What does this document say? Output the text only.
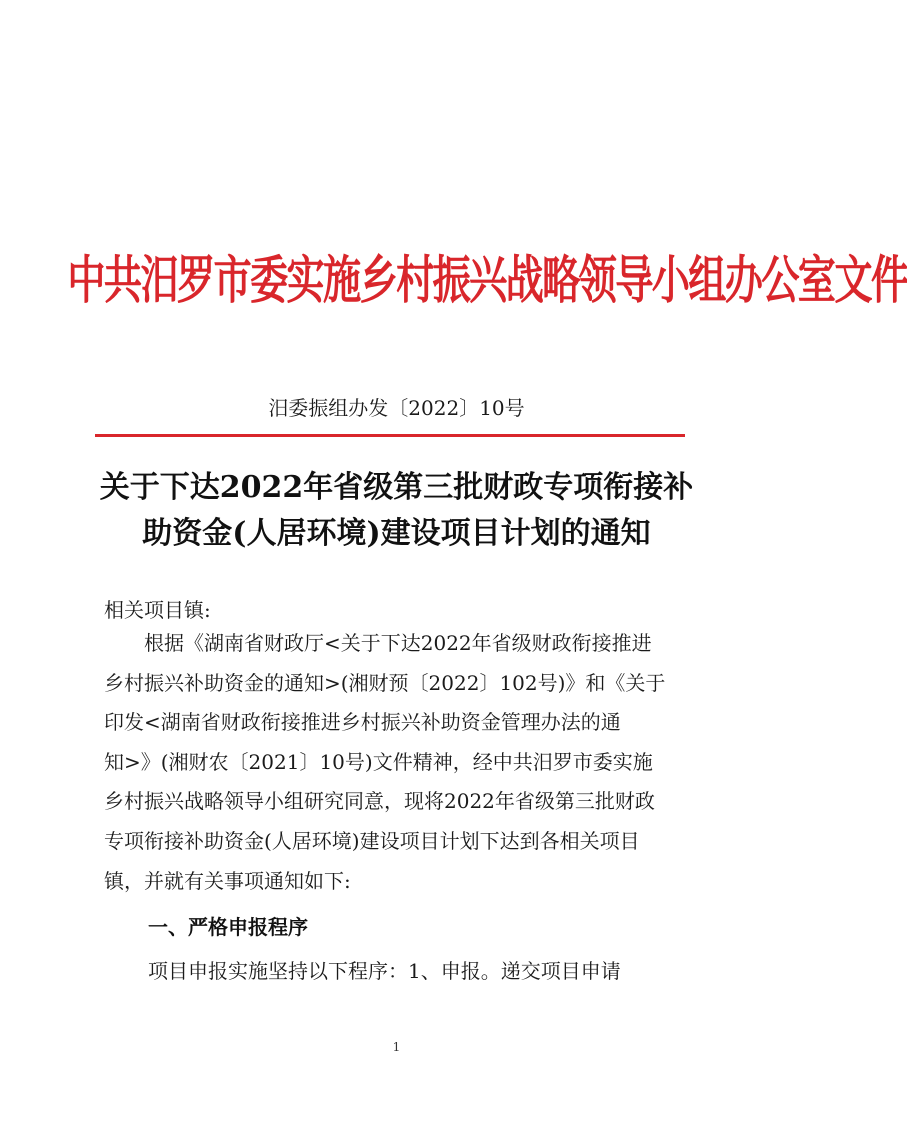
中共汨罗市委实施乡村振兴战略领导小组办公室文件
汨委振组办发〔2022〕10号
关于下达2022年省级第三批财政专项衔接补
助资金(人居环境)建设项目计划的通知
相关项目镇:
　　根据《湖南省财政厅<关于下达2022年省级财政衔接推进
乡村振兴补助资金的通知>(湘财预〔2022〕102号)》和《关于
印发<湖南省财政衔接推进乡村振兴补助资金管理办法的通
知>》(湘财农〔2021〕10号)文件精神，经中共汨罗市委实施
乡村振兴战略领导小组研究同意，现将2022年省级第三批财政
专项衔接补助资金(人居环境)建设项目计划下达到各相关项目
镇，并就有关事项通知如下:
一、严格申报程序
项目申报实施坚持以下程序：1、申报。递交项目申请
1
